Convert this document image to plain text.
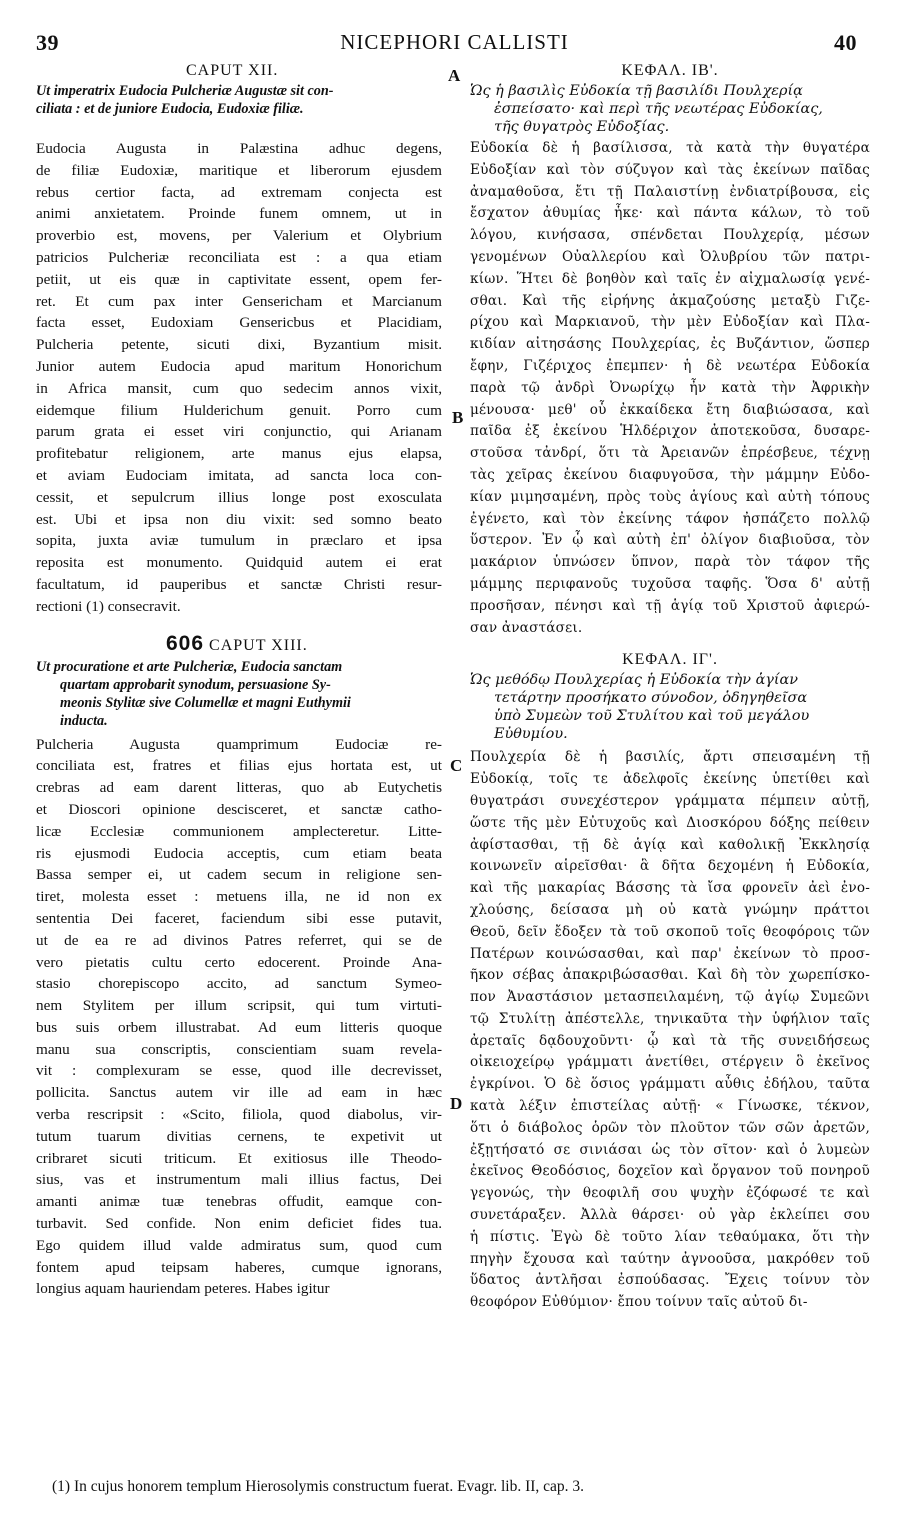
39	NICEPHORI CALLISTI	40
A
B
C
D
CAPUT XII.
Ut imperatrix Eudocia Pulcheriæ Augustæ sit con-
ciliata : et de juniore Eudocia, Eudoxiæ filiæ.
Eudocia Augusta in Palæstina adhuc degens,
de filiæ Eudoxiæ, maritique et liberorum ejusdem
rebus certior facta, ad extremam conjecta est
animi anxietatem. Proinde funem omnem, ut in
proverbio est, movens, per Valerium et Olybrium
patricios Pulcheriæ reconciliata est : a qua etiam
petiit, ut eis quæ in captivitate essent, opem fer-
ret. Et cum pax inter Gensericham et Marcianum
facta esset, Eudoxiam Gensericbus et Placidiam,
Pulcheria petente, sicuti dixi, Byzantium misit.
Junior autem Eudocia apud maritum Honorichum
in Africa mansit, cum quo sedecim annos vixit,
eidemque filium Hulderichum genuit. Porro cum
parum grata ei esset viri conjunctio, qui Arianam
profitebatur religionem, arte manus ejus elapsa,
et aviam Eudociam imitata, ad sancta loca con-
cessit, et sepulcrum illius longe post exosculata
est. Ubi et ipsa non diu vixit: sed somno beato
sopita, juxta aviæ tumulum in præclaro et ipsa
reposita est monumento. Quidquid autem ei erat
facultatum, id pauperibus et sanctæ Christi resur-
rectioni (1) consecravit.
606 CAPUT XIII.
Ut procuratione et arte Pulcheriæ, Eudocia sanctam
quartam approbarit synodum, persuasione Sy-
meonis Stylitæ sive Columellæ et magni Euthymii
inducta.
Pulcheria Augusta quamprimum Eudociæ re-
conciliata est, fratres et filias ejus hortata est, ut
crebras ad eam darent litteras, quo ab Eutychetis
et Dioscori opinione descisceret, et sanctæ catho-
licæ Ecclesiæ communionem amplecteretur. Litte-
ris ejusmodi Eudocia acceptis, cum etiam beata
Bassa semper ei, ut cadem secum in religione sen-
tiret, molesta esset : metuens illa, ne id non ex
sententia Dei faceret, faciendum sibi esse putavit,
ut de ea re ad divinos Patres referret, qui se de
vero pietatis cultu certo edocerent. Proinde Ana-
stasio chorepiscopo accito, ad sanctum Symeo-
nem Stylitem per illum scripsit, qui tum virtuti-
bus suis orbem illustrabat. Ad eum litteris quoque
manu sua conscriptis, conscientiam suam revela-
vit : complexuram se esse, quod ille decrevisset,
pollicita. Sanctus autem vir ille ad eam in hæc
verba rescripsit : «Scito, filiola, quod diabolus, vir-
tutum tuarum divitias cernens, te expetivit ut
cribraret sicuti triticum. Et exitiosus ille Theodo-
sius, vas et instrumentum mali illius factus, Dei
amanti animæ tuæ tenebras offudit, eamque con-
turbavit. Sed confide. Non enim deficiet fides tua.
Ego quidem illud valde admiratus sum, quod cum
fontem apud teipsam haberes, cumque ignorans,
longius aquam hauriendam peteres. Habes igitur
ΚΕΦΑΛ. ΙΒ'.
Ὡς ἡ βασιλὶς Εὐδοκία τῇ βασιλίδι Πουλχερίᾳ
ἐσπείσατο· καὶ περὶ τῆς νεωτέρας Εὐδοκίας,
τῆς θυγατρὸς Εὐδοξίας.
Εὐδοκία δὲ ἡ βασίλισσα, τὰ κατὰ τὴν θυγατέρα
Εὐδοξίαν καὶ τὸν σύζυγον καὶ τὰς ἐκείνων παῖδας
ἀναμαθοῦσα, ἔτι τῇ Παλαιστίνῃ ἐνδιατρίβουσα, εἰς
ἔσχατον ἀθυμίας ἧκε· καὶ πάντα κάλων, τὸ τοῦ
λόγου, κινήσασα, σπένδεται Πουλχερίᾳ, μέσων
γενομένων Οὐαλλερίου καὶ Ὀλυβρίου τῶν πατρι-
κίων. Ἥτει δὲ βοηθὸν καὶ ταῖς ἐν αἰχμαλωσίᾳ γενέ-
σθαι. Καὶ τῆς εἰρήνης ἀκμαζούσης μεταξὺ Γιζε-
ρίχου καὶ Μαρκιανοῦ, τὴν μὲν Εὐδοξίαν καὶ Πλα-
κιδίαν αἰτησάσης Πουλχερίας, ἐς Βυζάντιον, ὥσπερ
ἔφην, Γιζέριχος ἐπεμπεν· ἡ δὲ νεωτέρα Εὐδοκία
παρὰ τῷ ἀνδρὶ Ὀνωρίχῳ ἦν κατὰ τὴν Ἀφρικὴν
μένουσα· μεθ' οὗ ἐκκαίδεκα ἔτη διαβιώσασα, καὶ
παῖδα ἐξ ἐκείνου Ἡλδέριχον ἀποτεκοῦσα, δυσαρε-
στοῦσα τἀνδρί, ὅτι τὰ Ἀρειανῶν ἐπρέσβευε, τέχνῃ
τὰς χεῖρας ἐκείνου διαφυγοῦσα, τὴν μάμμην Εὐδο-
κίαν μιμησαμένη, πρὸς τοὺς ἁγίους καὶ αὐτὴ τόπους
ἐγένετο, καὶ τὸν ἐκείνης τάφον ἠσπάζετο πολλῷ
ὕστερον. Ἐν ᾧ καὶ αὐτὴ ἐπ' ὀλίγον διαβιοῦσα, τὸν
μακάριον ὑπνώσεν ὕπνον, παρὰ τὸν τάφον τῆς
μάμμης περιφανοῦς τυχοῦσα ταφῆς. Ὅσα δ' αὐτῇ
προσῆσαν, πένησι καὶ τῇ ἁγίᾳ τοῦ Χριστοῦ ἀφιερώ-
σαν ἀναστάσει.
ΚΕΦΑΛ. ΙΓ'.
Ὡς μεθόδῳ Πουλχερίας ἡ Εὐδοκία τὴν ἁγίαν
τετάρτην προσήκατο σύνοδον, ὁδηγηθεῖσα
ὑπὸ Συμεὼν τοῦ Στυλίτου καὶ τοῦ μεγάλου
Εὐθυμίου.
Πουλχερία δὲ ἡ βασιλίς, ἄρτι σπεισαμένη τῇ
Εὐδοκίᾳ, τοῖς τε ἀδελφοῖς ἐκείνης ὑπετίθει καὶ
θυγατράσι συνεχέστερον γράμματα πέμπειν αὐτῇ,
ὥστε τῆς μὲν Εὐτυχοῦς καὶ Διοσκόρου δόξης πείθειν
ἀφίστασθαι, τῇ δὲ ἁγίᾳ καὶ καθολικῇ Ἐκκλησίᾳ
κοινωνεῖν αἱρεῖσθαι· ἃ δῆτα δεχομένη ἡ Εὐδοκία,
καὶ τῆς μακαρίας Βάσσης τὰ ἴσα φρονεῖν ἀεὶ ἐνο-
χλούσης, δείσασα μὴ οὐ κατὰ γνώμην πράττοι
Θεοῦ, δεῖν ἔδοξεν τὰ τοῦ σκοποῦ τοῖς θεοφόροις τῶν
Πατέρων κοινώσασθαι, καὶ παρ' ἐκείνων τὸ προσ-
ῆκον σέβας ἀπακριβώσασθαι. Καὶ δὴ τὸν χωρεπίσκο-
πον Ἀναστάσιον μετασπειλαμένη, τῷ ἁγίῳ Συμεῶνι
τῷ Στυλίτῃ ἀπέστελλε, τηνικαῦτα τὴν ὑφήλιον ταῖς
ἀρεταῖς δᾳδουχοῦντι· ᾧ καὶ τὰ τῆς συνειδήσεως
οἰκειοχείρῳ γράμματι ἀνετίθει, στέργειν ὃ ἐκεῖνος
ἐγκρίνοι. Ὁ δὲ ὅσιος γράμματι αὖθις ἐδήλου, ταῦτα
κατὰ λέξιν ἐπιστείλας αὐτῇ· « Γίνωσκε, τέκνον,
ὅτι ὁ διάβολος ὁρῶν τὸν πλοῦτον τῶν σῶν ἀρετῶν,
ἐξῃτήσατό σε σινιάσαι ὡς τὸν σῖτον· καὶ ὁ λυμεὼν
ἐκεῖνος Θεοδόσιος, δοχεῖον καὶ ὄργανον τοῦ πονηροῦ
γεγονώς, τὴν θεοφιλῆ σου ψυχὴν ἐζόφωσέ τε καὶ
συνετάραξεν. Ἀλλὰ θάρσει· οὐ γὰρ ἐκλείπει σου
ἡ πίστις. Ἐγὼ δὲ τοῦτο λίαν τεθαύμακα, ὅτι τὴν
πηγὴν ἔχουσα καὶ ταύτην ἀγνοοῦσα, μακρόθεν τοῦ
ὕδατος ἀντλῆσαι ἐσπούδασας. Ἔχεις τοίνυν τὸν
θεοφόρον Εὐθύμιον· ἔπου τοίνυν ταῖς αὐτοῦ δι-
(1) In cujus honorem templum Hierosolymis constructum fuerat. Evagr. lib. II, cap. 3.
